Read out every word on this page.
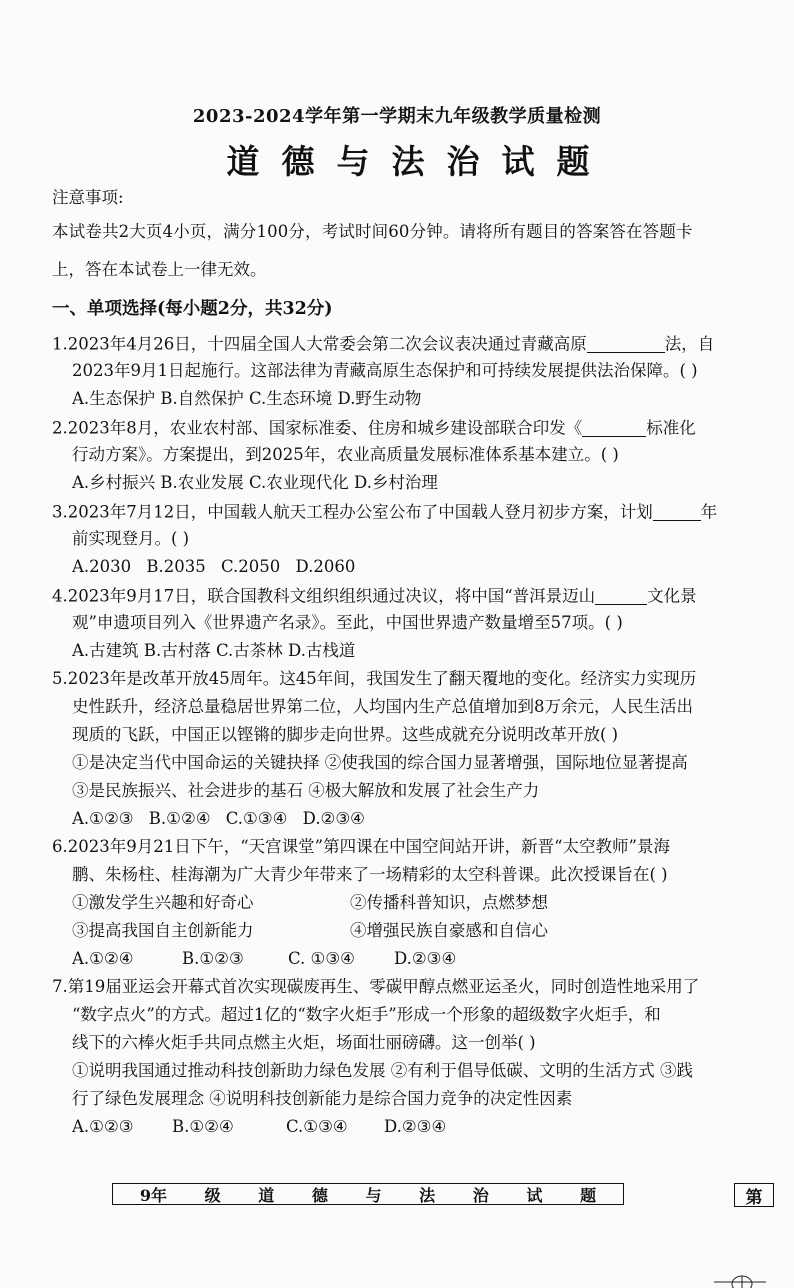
2023-2024学年第一学期末九年级教学质量检测
道德与法治试题
注意事项:
本试卷共2大页4小页，满分100分，考试时间60分钟。请将所有题目的答案答在答题卡
上，答在本试卷上一律无效。
一、单项选择(每小题2分，共32分)
1.2023年4月26日，十四届全国人大常委会第二次会议表决通过青藏高原	法，自
2023年9月1日起施行。这部法律为青藏高原生态保护和可持续发展提供法治保障。( )
A.生态保护 B.自然保护 C.生态环境 D.野生动物
2.2023年8月，农业农村部、国家标准委、住房和城乡建设部联合印发《	标准化
行动方案》。方案提出，到2025年，农业高质量发展标准体系基本建立。( )
A.乡村振兴 B.农业发展 C.农业现代化 D.乡村治理
3.2023年7月12日，中国载人航天工程办公室公布了中国载人登月初步方案，计划	年
前实现登月。( )
A.2030 B.2035 C.2050 D.2060
4.2023年9月17日，联合国教科文组织组织通过决议，将中国“普洱景迈山	文化景
观”申遗项目列入《世界遗产名录》。至此，中国世界遗产数量增至57项。( )
A.古建筑 B.古村落 C.古茶林 D.古栈道
5.2023年是改革开放45周年。这45年间，我国发生了翻天覆地的变化。经济实力实现历
史性跃升，经济总量稳居世界第二位，人均国内生产总值增加到8万余元，人民生活出
现质的飞跃，中国正以铿锵的脚步走向世界。这些成就充分说明改革开放( )
①是决定当代中国命运的关键抉择 ②使我国的综合国力显著增强，国际地位显著提高
③是民族振兴、社会进步的基石 ④极大解放和发展了社会生产力
A.①②③ B.①②④ C.①③④ D.②③④
6.2023年9月21日下午，“天宫课堂”第四课在中国空间站开讲，新晋“太空教师”景海
鹏、朱杨柱、桂海潮为广大青少年带来了一场精彩的太空科普课。此次授课旨在( )
①激发学生兴趣和好奇心	②传播科普知识，点燃梦想
③提高我国自主创新能力	④增强民族自豪感和自信心
A.①②④	B.①②③	C. ①③④ D.②③④
7.第19届亚运会开幕式首次实现碳废再生、零碳甲醇点燃亚运圣火，同时创造性地采用了
“数字点火”的方式。超过1亿的“数字火炬手”形成一个形象的超级数字火炬手，和
线下的六棒火炬手共同点燃主火炬，场面壮丽磅礴。这一创举( )
①说明我国通过推动科技创新助力绿色发展 ②有利于倡导低碳、文明的生活方式 ③践
行了绿色发展理念 ④说明科技创新能力是综合国力竞争的决定性因素
A.①②③ B.①②④	C.①③④ D.②③④
9年 级 道 德 与 法 治 试 题	第
